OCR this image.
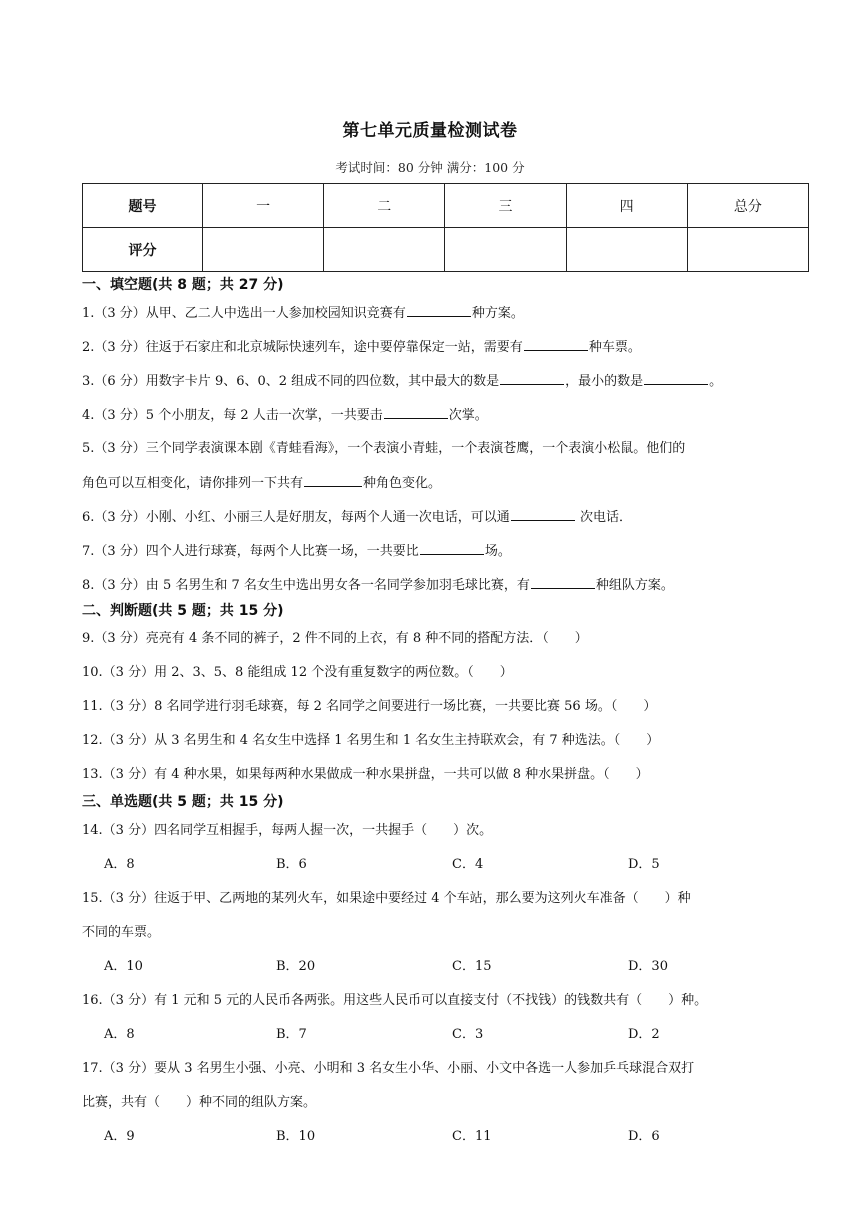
第七单元质量检测试卷
考试时间：80 分钟 满分：100 分
题号	一	二	三	四	总分
评分					
一、填空题(共 8 题；共 27 分)
1.（3 分）从甲、乙二人中选出一人参加校园知识竞赛有	种方案。
2.（3 分）往返于石家庄和北京城际快速列车，途中要停靠保定一站，需要有	种车票。
3.（6 分）用数字卡片 9、6、0、2 组成不同的四位数，其中最大的数是	，最小的数是	。
4.（3 分）5 个小朋友，每 2 人击一次掌，一共要击	次掌。
5.（3 分）三个同学表演课本剧《青蛙看海》，一个表演小青蛙，一个表演苍鹰，一个表演小松鼠。他们的
角色可以互相变化，请你排列一下共有	种角色变化。
6.（3 分）小刚、小红、小丽三人是好朋友，每两个人通一次电话，可以通	次电话．
7.（3 分）四个人进行球赛，每两个人比赛一场，一共要比	场。
8.（3 分）由 5 名男生和 7 名女生中选出男女各一名同学参加羽毛球比赛，有	种组队方案。
二、判断题(共 5 题；共 15 分)
9.（3 分）亮亮有 4 条不同的裤子，2 件不同的上衣，有 8 种不同的搭配方法．（　　）
10.（3 分）用 2、3、5、8 能组成 12 个没有重复数字的两位数。（　　）
11.（3 分）8 名同学进行羽毛球赛，每 2 名同学之间要进行一场比赛，一共要比赛 56 场。（　　）
12.（3 分）从 3 名男生和 4 名女生中选择 1 名男生和 1 名女生主持联欢会，有 7 种选法。（　　）
13.（3 分）有 4 种水果，如果每两种水果做成一种水果拼盘，一共可以做 8 种水果拼盘。（　　）
三、单选题(共 5 题；共 15 分)
14.（3 分）四名同学互相握手，每两人握一次，一共握手（　　）次。
A．8	B．6	C．4	D．5
15.（3 分）往返于甲、乙两地的某列火车，如果途中要经过 4 个车站，那么要为这列火车准备（　　）种
不同的车票。
A．10	B．20	C．15	D．30
16.（3 分）有 1 元和 5 元的人民币各两张。用这些人民币可以直接支付（不找钱）的钱数共有（　　）种。
A．8	B．7	C．3	D．2
17.（3 分）要从 3 名男生小强、小亮、小明和 3 名女生小华、小丽、小文中各选一人参加乒乓球混合双打
比赛，共有（　　）种不同的组队方案。
A．9	B．10	C．11	D．6
